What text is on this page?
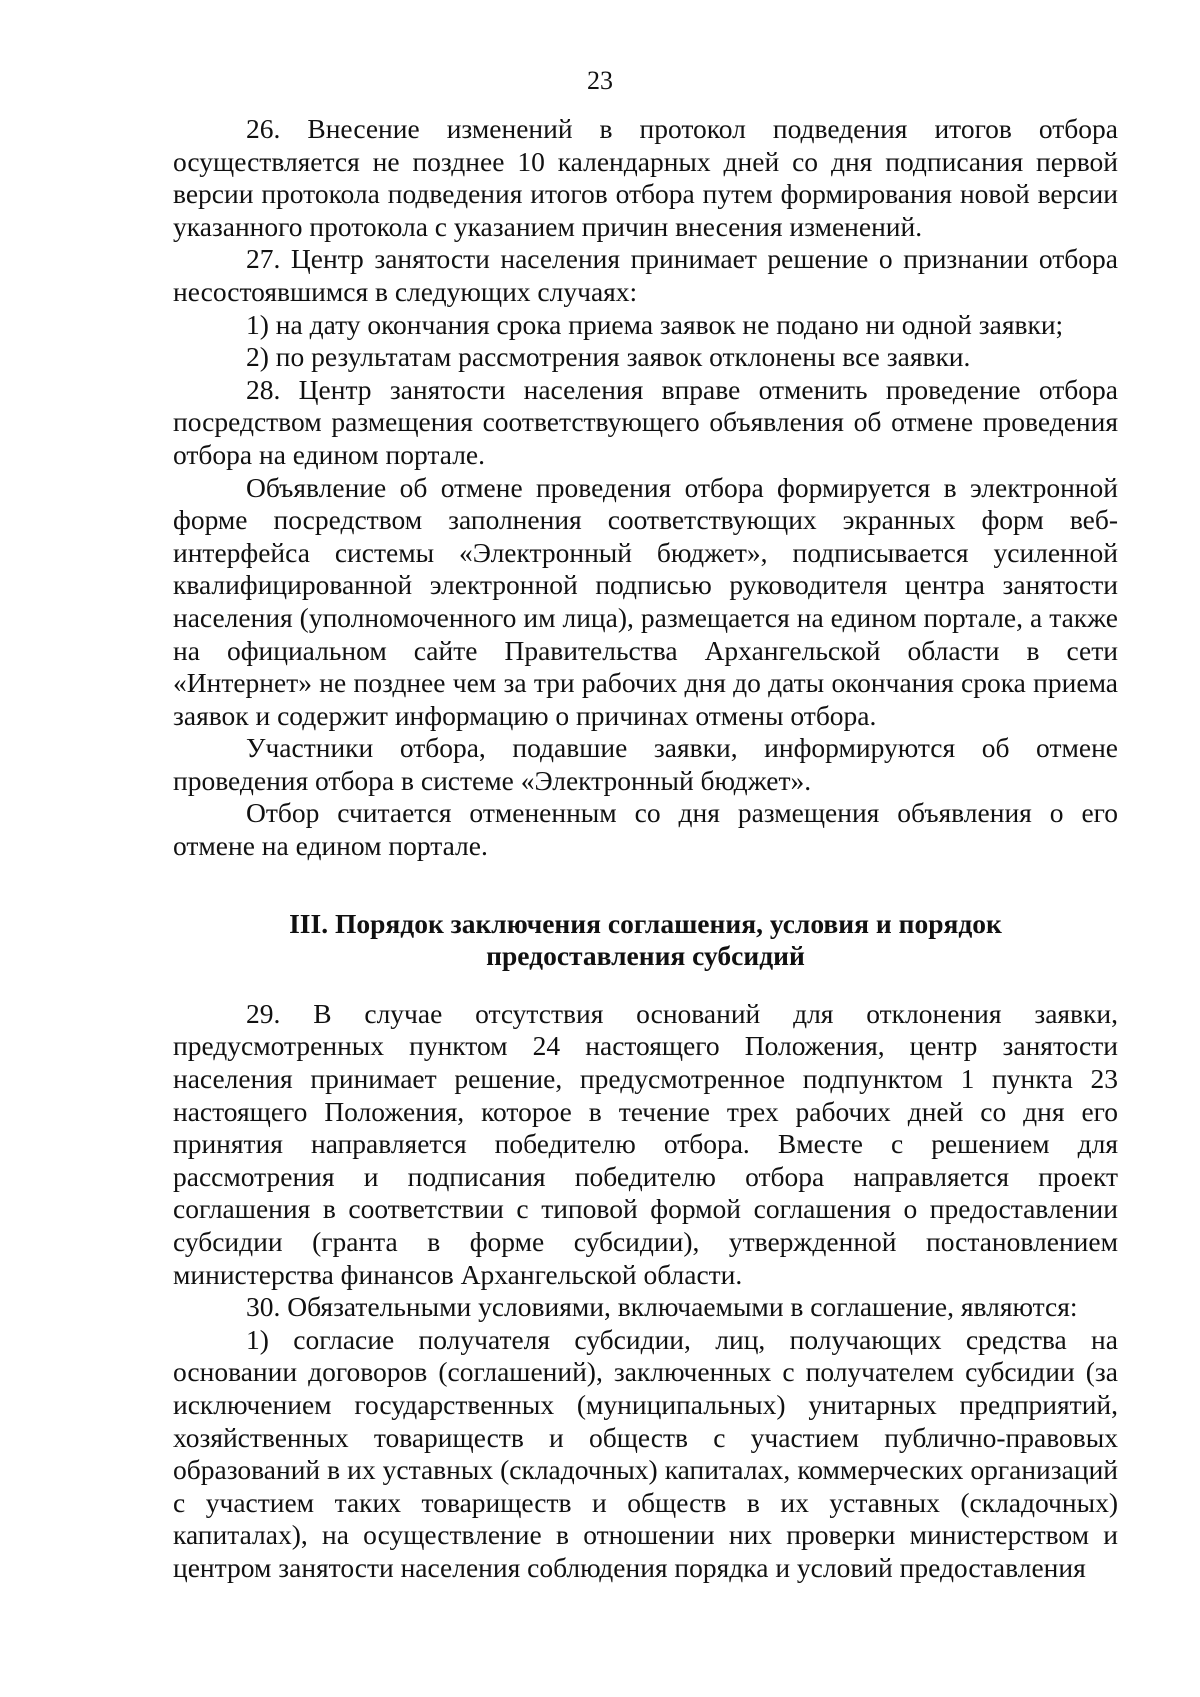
23

26. Внесение изменений в протокол подведения итогов отбора осуществляется не позднее 10 календарных дней со дня подписания первой версии протокола подведения итогов отбора путем формирования новой версии указанного протокола с указанием причин внесения изменений.

27. Центр занятости населения принимает решение о признании отбора несостоявшимся в следующих случаях:

1) на дату окончания срока приема заявок не подано ни одной заявки;

2) по результатам рассмотрения заявок отклонены все заявки.

28. Центр занятости населения вправе отменить проведение отбора посредством размещения соответствующего объявления об отмене проведения отбора на едином портале.

Объявление об отмене проведения отбора формируется в электронной форме посредством заполнения соответствующих экранных форм веб-интерфейса системы «Электронный бюджет», подписывается усиленной квалифицированной электронной подписью руководителя центра занятости населения (уполномоченного им лица), размещается на едином портале, а также на официальном сайте Правительства Архангельской области в сети «Интернет» не позднее чем за три рабочих дня до даты окончания срока приема заявок и содержит информацию о причинах отмены отбора.

Участники отбора, подавшие заявки, информируются об отмене проведения отбора в системе «Электронный бюджет».

Отбор считается отмененным со дня размещения объявления о его отмене на едином портале.

III. Порядок заключения соглашения, условия и порядок
предоставления субсидий

29. В случае отсутствия оснований для отклонения заявки, предусмотренных пунктом 24 настоящего Положения, центр занятости населения принимает решение, предусмотренное подпунктом 1 пункта 23 настоящего Положения, которое в течение трех рабочих дней со дня его принятия направляется победителю отбора. Вместе с решением для рассмотрения и подписания победителю отбора направляется проект соглашения в соответствии с типовой формой соглашения о предоставлении субсидии (гранта в форме субсидии), утвержденной постановлением министерства финансов Архангельской области.

30. Обязательными условиями, включаемыми в соглашение, являются:

1) согласие получателя субсидии, лиц, получающих средства на основании договоров (соглашений), заключенных с получателем субсидии (за исключением государственных (муниципальных) унитарных предприятий, хозяйственных товариществ и обществ с участием публично-правовых образований в их уставных (складочных) капиталах, коммерческих организаций с участием таких товариществ и обществ в их уставных (складочных) капиталах), на осуществление в отношении них проверки министерством и центром занятости населения соблюдения порядка и условий предоставления
